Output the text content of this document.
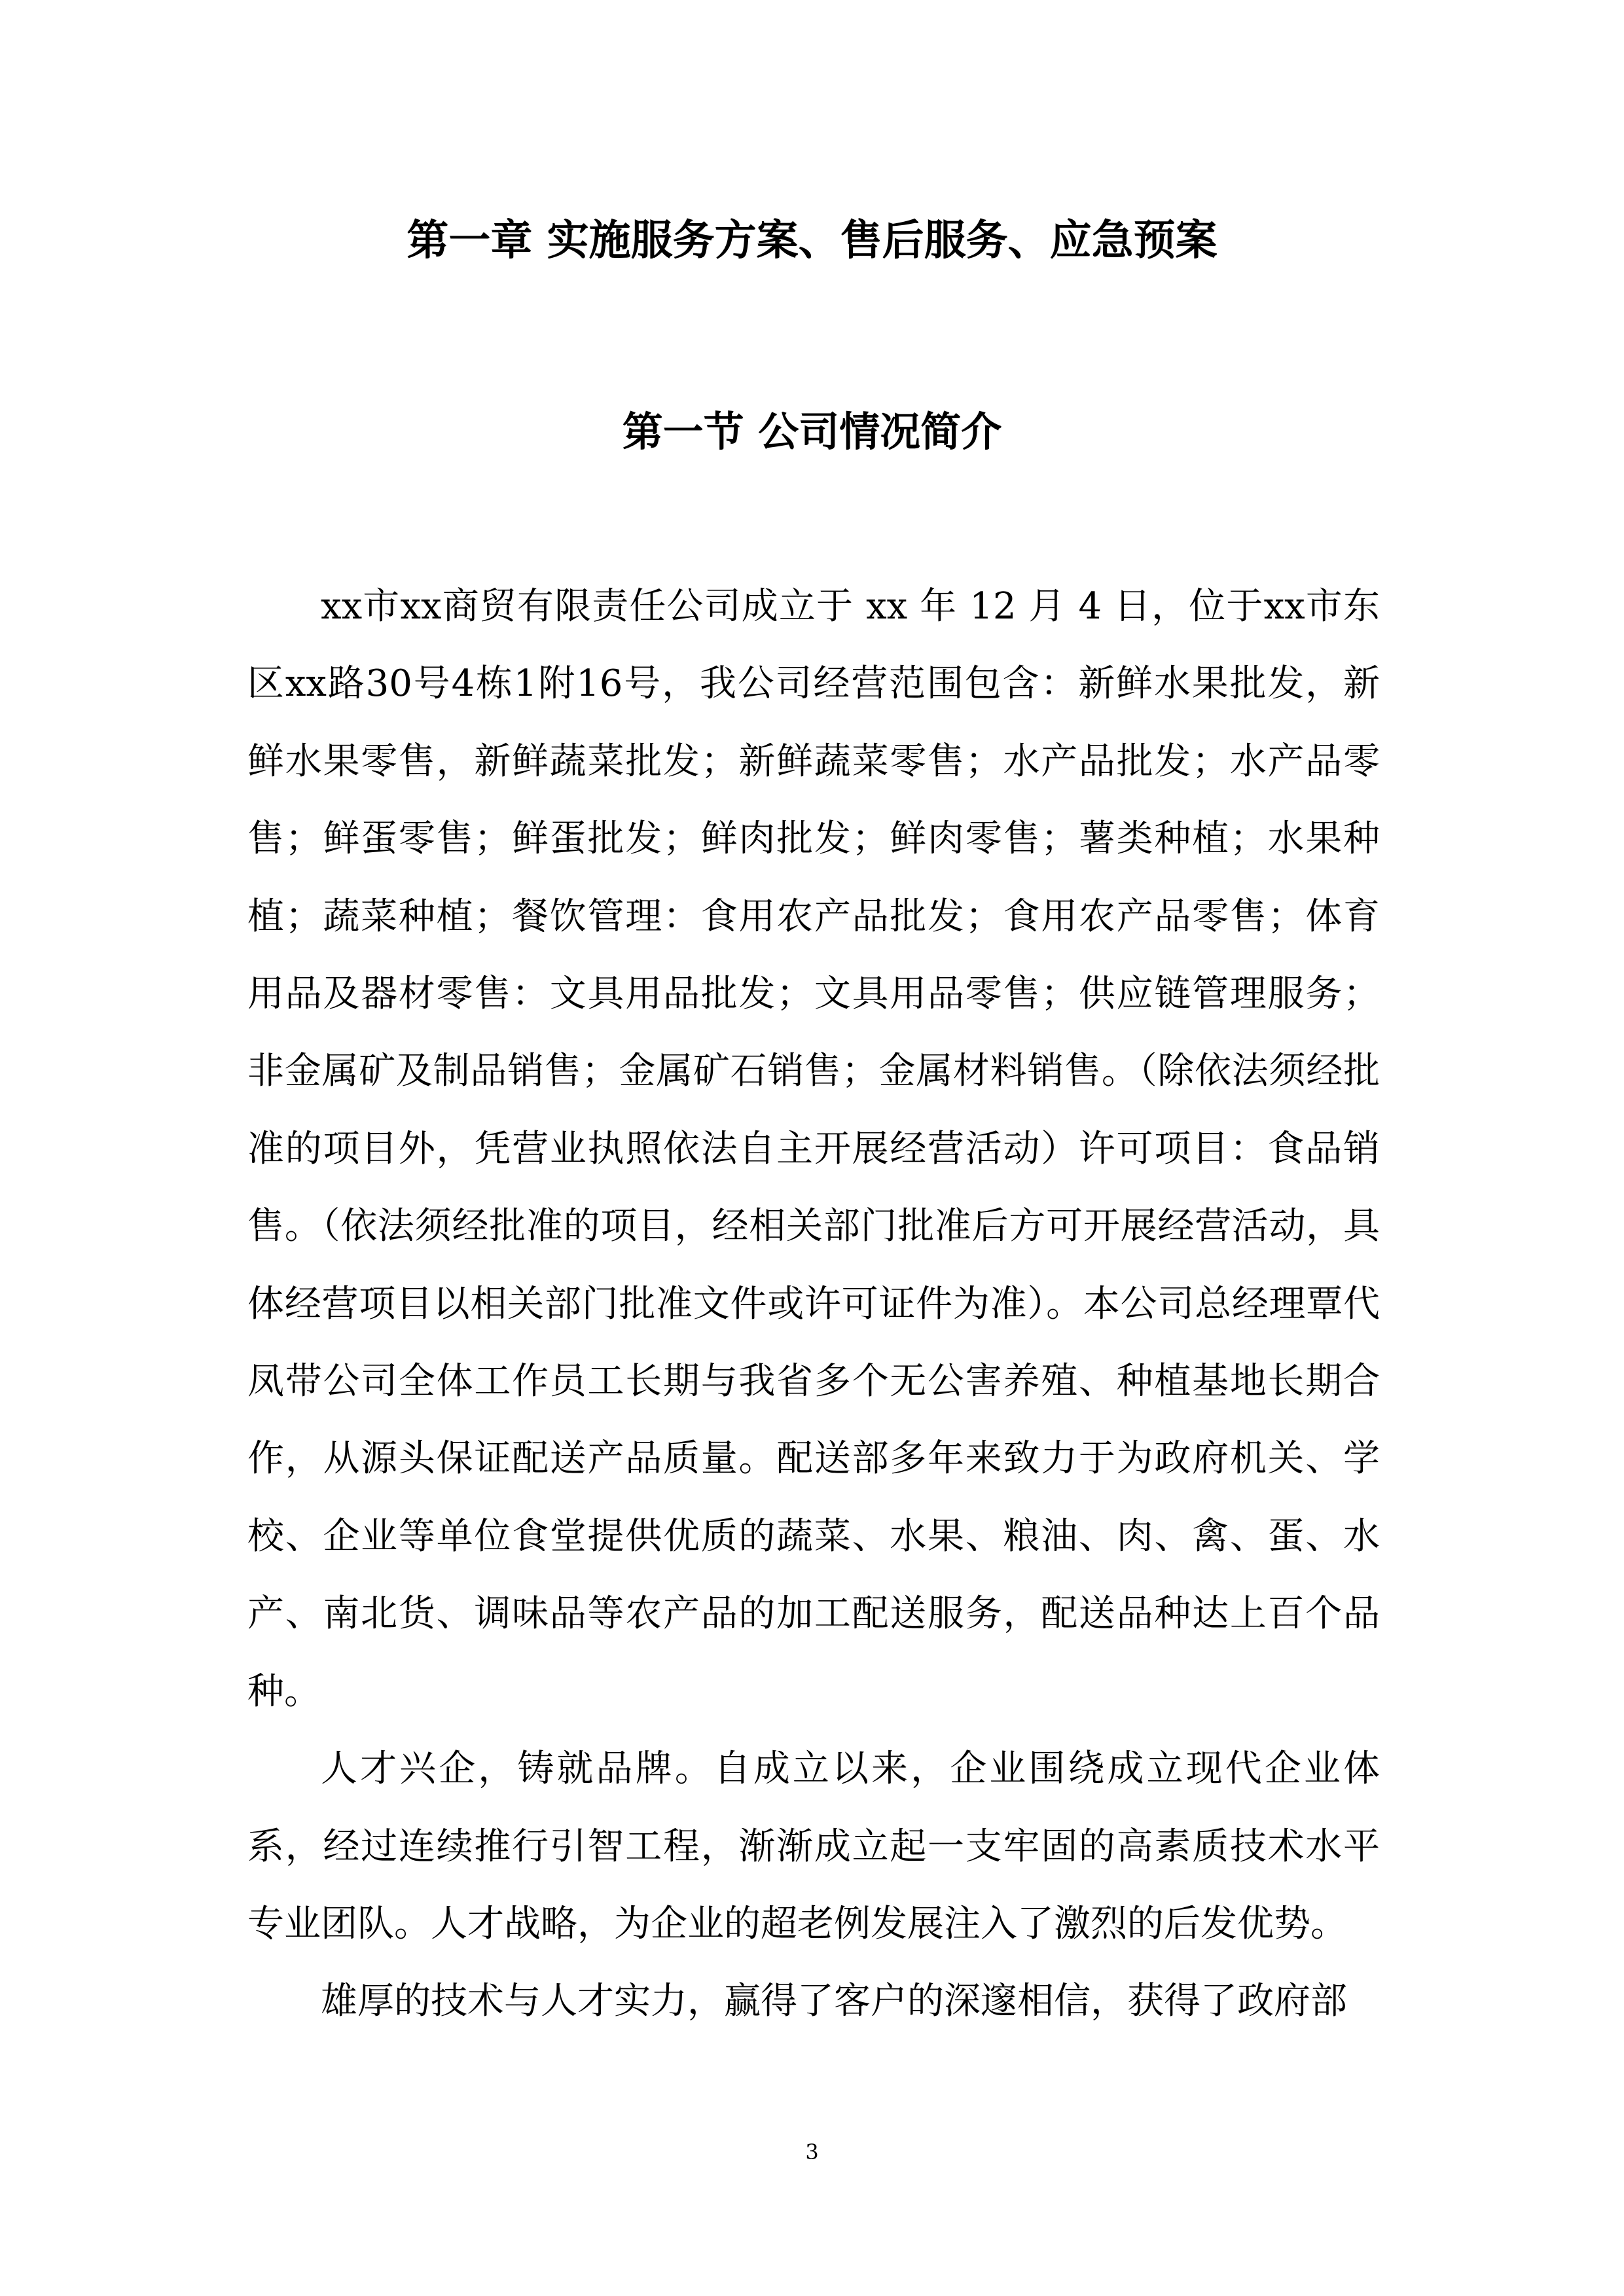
第一章 实施服务方案、售后服务、应急预案
第一节 公司情况简介

xx市xx商贸有限责任公司成立于 xx 年 12 月 4 日，位于xx市东区xx路30号4栋1附16号，我公司经营范围包含：新鲜水果批发，新鲜水果零售，新鲜蔬菜批发；新鲜蔬菜零售；水产品批发；水产品零售；鲜蛋零售；鲜蛋批发；鲜肉批发；鲜肉零售；薯类种植；水果种植；蔬菜种植；餐饮管理：食用农产品批发；食用农产品零售；体育用品及器材零售：文具用品批发；文具用品零售；供应链管理服务；非金属矿及制品销售；金属矿石销售；金属材料销售。（除依法须经批准的项目外，凭营业执照依法自主开展经营活动）许可项目：食品销售。（依法须经批准的项目，经相关部门批准后方可开展经营活动，具体经营项目以相关部门批准文件或许可证件为准）。本公司总经理覃代凤带公司全体工作员工长期与我省多个无公害养殖、种植基地长期合作，从源头保证配送产品质量。配送部多年来致力于为政府机关、学校、企业等单位食堂提供优质的蔬菜、水果、粮油、肉、禽、蛋、水产、南北货、调味品等农产品的加工配送服务，配送品种达上百个品种。

人才兴企，铸就品牌。自成立以来，企业围绕成立现代企业体系，经过连续推行引智工程，渐渐成立起一支牢固的高素质技术水平专业团队。人才战略，为企业的超老例发展注入了激烈的后发优势。

雄厚的技术与人才实力，赢得了客户的深邃相信，获得了政府部

3
